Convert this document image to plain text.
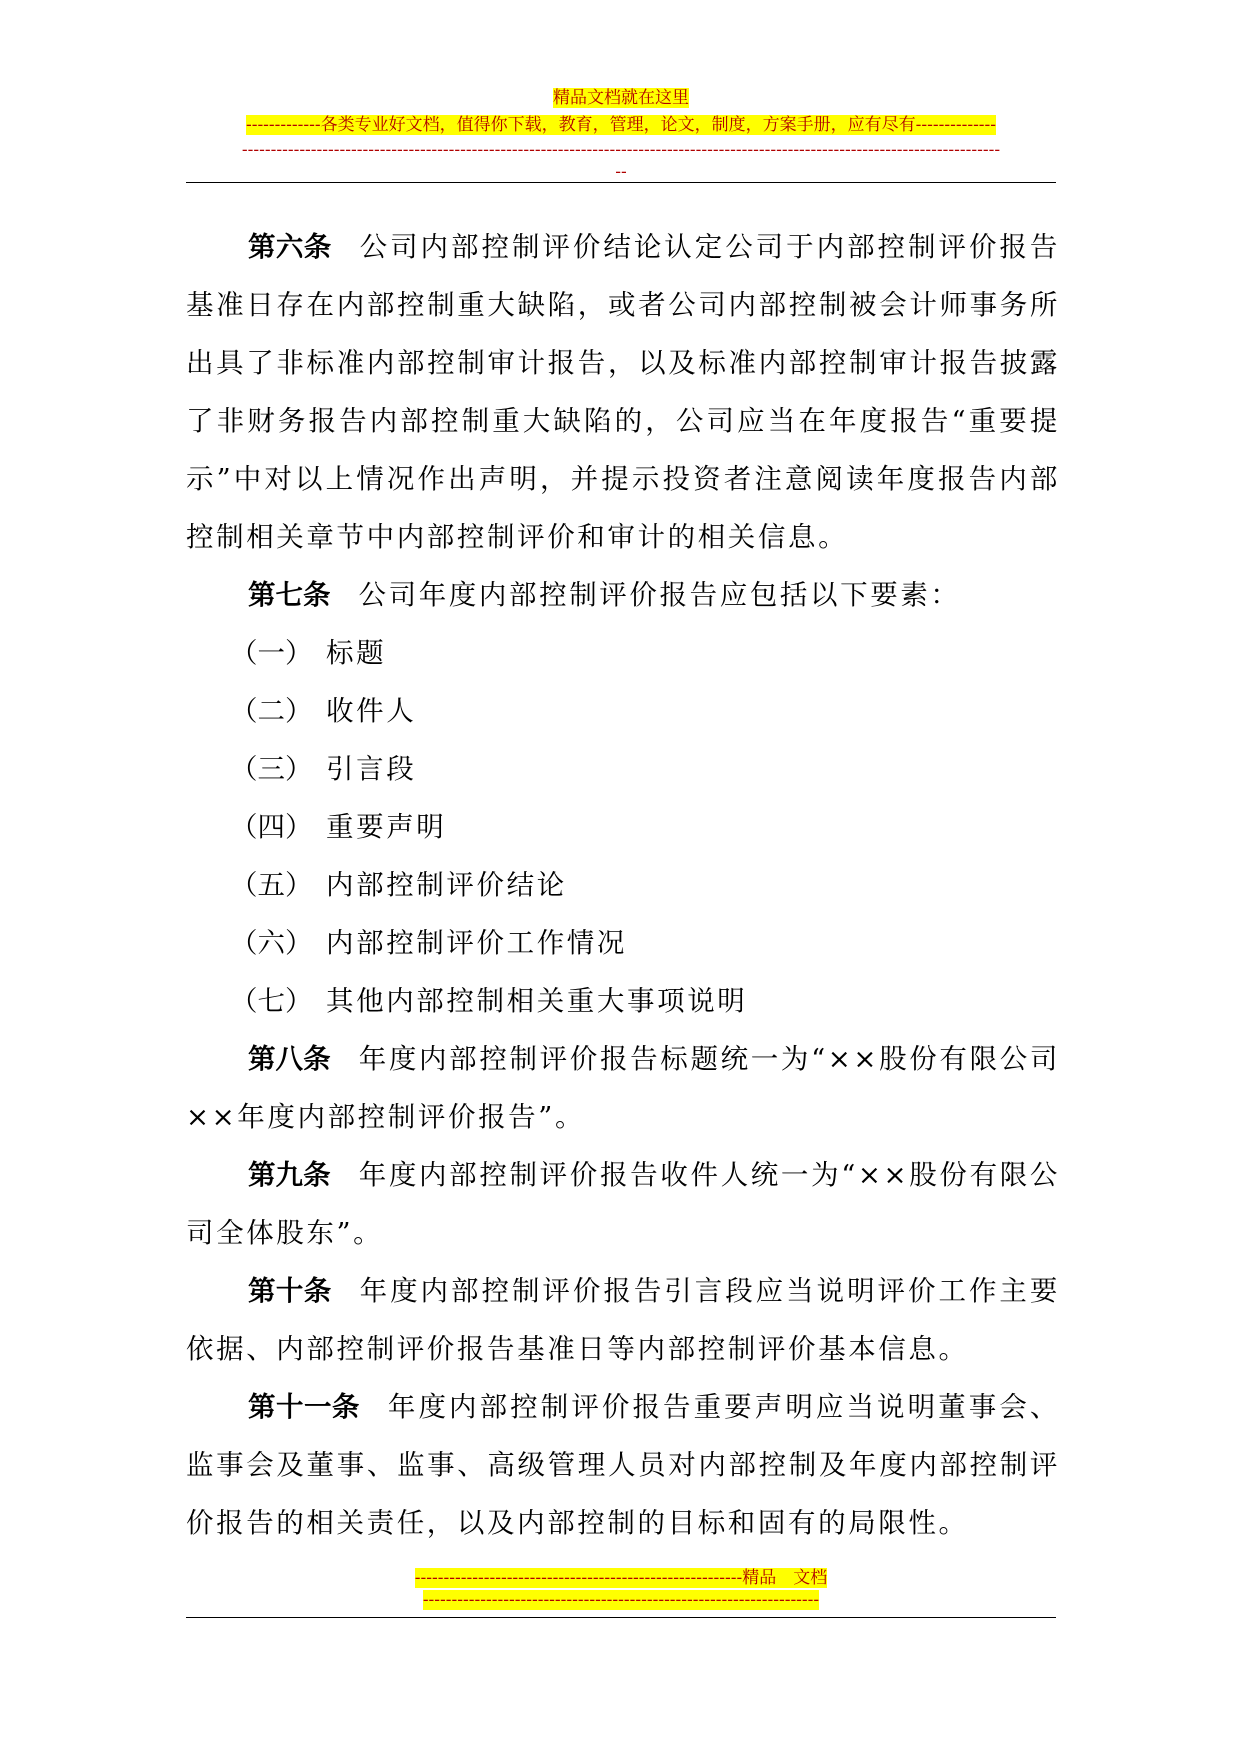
精品文档就在这里
-------------各类专业好文档，值得你下载，教育，管理，论文，制度，方案手册，应有尽有--------------
------------------------------------------------------------------------------------------------------------------------------------
--

第六条 公司内部控制评价结论认定公司于内部控制评价报告基准日存在内部控制重大缺陷，或者公司内部控制被会计师事务所出具了非标准内部控制审计报告，以及标准内部控制审计报告披露了非财务报告内部控制重大缺陷的，公司应当在年度报告“重要提示”中对以上情况作出声明，并提示投资者注意阅读年度报告内部控制相关章节中内部控制评价和审计的相关信息。

第七条 公司年度内部控制评价报告应包括以下要素：

（一） 标题
（二） 收件人
（三） 引言段
（四） 重要声明
（五） 内部控制评价结论
（六） 内部控制评价工作情况
（七） 其他内部控制相关重大事项说明

第八条 年度内部控制评价报告标题统一为“××股份有限公司××年度内部控制评价报告”。

第九条 年度内部控制评价报告收件人统一为“××股份有限公司全体股东”。

第十条 年度内部控制评价报告引言段应当说明评价工作主要依据、内部控制评价报告基准日等内部控制评价基本信息。

第十一条 年度内部控制评价报告重要声明应当说明董事会、监事会及董事、监事、高级管理人员对内部控制及年度内部控制评价报告的相关责任，以及内部控制的目标和固有的局限性。

---------------------------------------------------------精品　文档
---------------------------------------------------------------------
